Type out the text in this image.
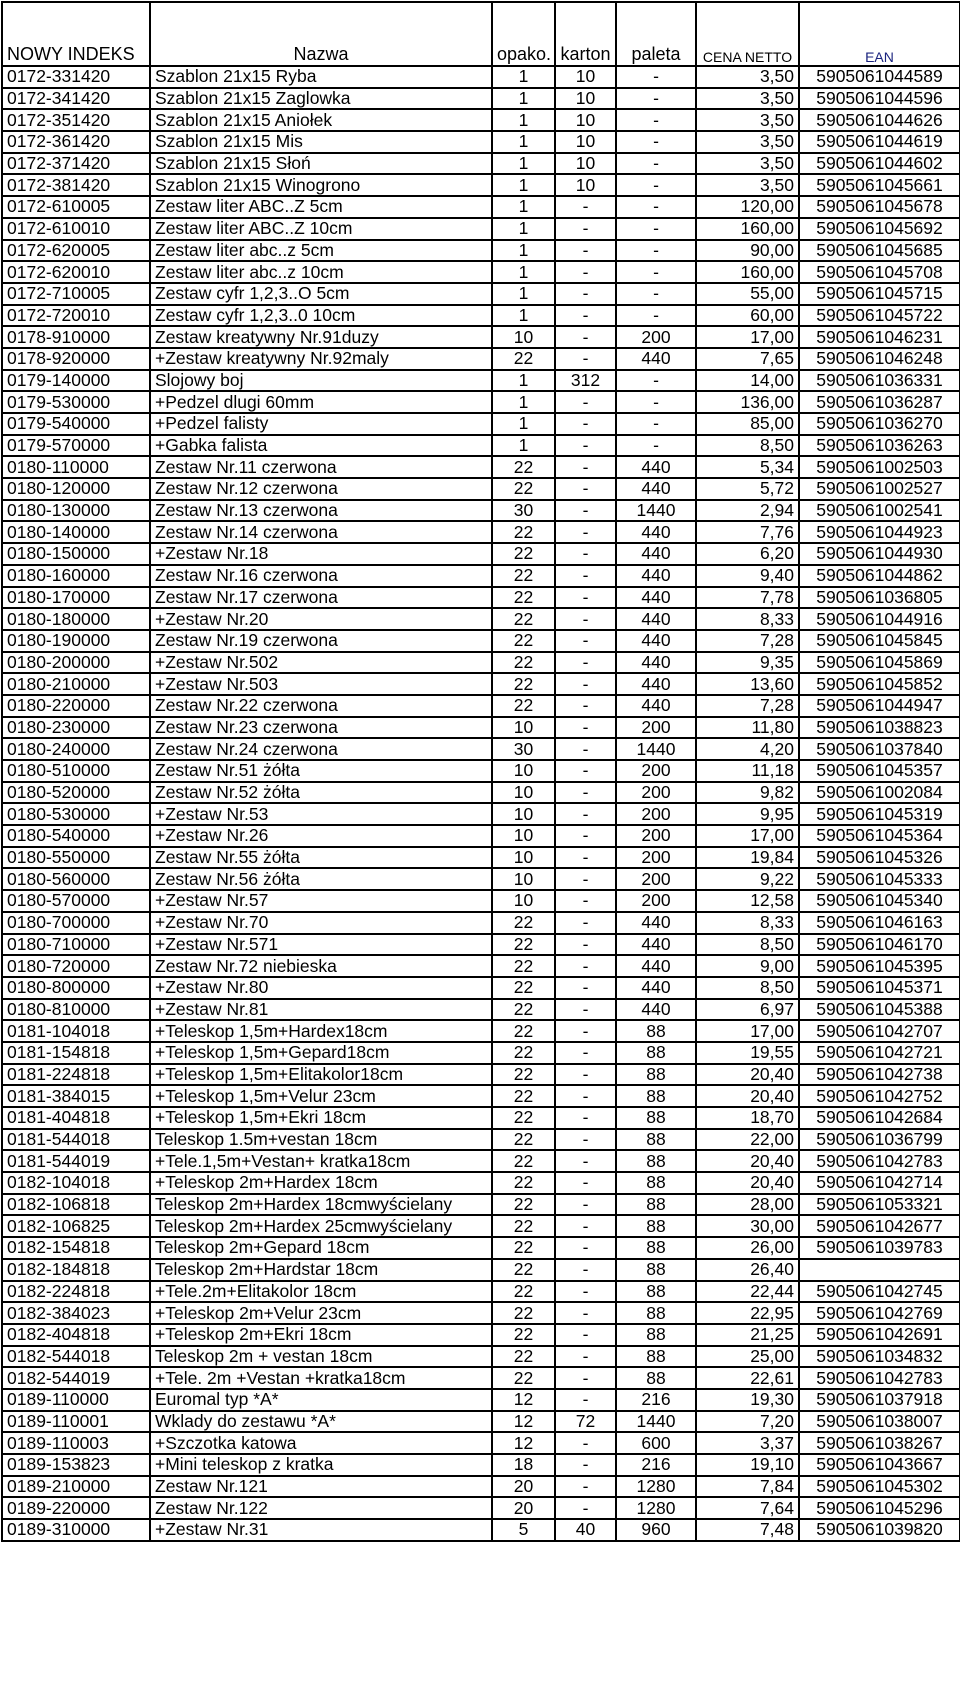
NOWY INDEKS	Nazwa	opako.	karton	paleta	CENA NETTO	EAN
0172-331420	Szablon 21x15 Ryba	1	10	-	3,50	5905061044589
0172-341420	Szablon 21x15 Zaglowka	1	10	-	3,50	5905061044596
0172-351420	Szablon 21x15 Aniołek	1	10	-	3,50	5905061044626
0172-361420	Szablon 21x15 Mis	1	10	-	3,50	5905061044619
0172-371420	Szablon 21x15 Słoń	1	10	-	3,50	5905061044602
0172-381420	Szablon 21x15 Winogrono	1	10	-	3,50	5905061045661
0172-610005	Zestaw liter ABC..Z 5cm	1	-	-	120,00	5905061045678
0172-610010	Zestaw liter ABC..Z 10cm	1	-	-	160,00	5905061045692
0172-620005	Zestaw liter abc..z 5cm	1	-	-	90,00	5905061045685
0172-620010	Zestaw liter abc..z 10cm	1	-	-	160,00	5905061045708
0172-710005	Zestaw cyfr 1,2,3..O 5cm	1	-	-	55,00	5905061045715
0172-720010	Zestaw cyfr 1,2,3..0 10cm	1	-	-	60,00	5905061045722
0178-910000	Zestaw kreatywny Nr.91duzy	10	-	200	17,00	5905061046231
0178-920000	+Zestaw kreatywny Nr.92maly	22	-	440	7,65	5905061046248
0179-140000	Slojowy boj	1	312	-	14,00	5905061036331
0179-530000	+Pedzel dlugi 60mm	1	-	-	136,00	5905061036287
0179-540000	+Pedzel falisty	1	-	-	85,00	5905061036270
0179-570000	+Gabka falista	1	-	-	8,50	5905061036263
0180-110000	Zestaw Nr.11 czerwona	22	-	440	5,34	5905061002503
0180-120000	Zestaw Nr.12 czerwona	22	-	440	5,72	5905061002527
0180-130000	Zestaw Nr.13 czerwona	30	-	1440	2,94	5905061002541
0180-140000	Zestaw Nr.14 czerwona	22	-	440	7,76	5905061044923
0180-150000	+Zestaw Nr.18	22	-	440	6,20	5905061044930
0180-160000	Zestaw Nr.16 czerwona	22	-	440	9,40	5905061044862
0180-170000	Zestaw Nr.17 czerwona	22	-	440	7,78	5905061036805
0180-180000	+Zestaw Nr.20	22	-	440	8,33	5905061044916
0180-190000	Zestaw Nr.19 czerwona	22	-	440	7,28	5905061045845
0180-200000	+Zestaw Nr.502	22	-	440	9,35	5905061045869
0180-210000	+Zestaw Nr.503	22	-	440	13,60	5905061045852
0180-220000	Zestaw Nr.22 czerwona	22	-	440	7,28	5905061044947
0180-230000	Zestaw Nr.23 czerwona	10	-	200	11,80	5905061038823
0180-240000	Zestaw Nr.24 czerwona	30	-	1440	4,20	5905061037840
0180-510000	Zestaw Nr.51 żółta	10	-	200	11,18	5905061045357
0180-520000	Zestaw Nr.52 żółta	10	-	200	9,82	5905061002084
0180-530000	+Zestaw Nr.53	10	-	200	9,95	5905061045319
0180-540000	+Zestaw Nr.26	10	-	200	17,00	5905061045364
0180-550000	Zestaw Nr.55 żółta	10	-	200	19,84	5905061045326
0180-560000	Zestaw Nr.56 żółta	10	-	200	9,22	5905061045333
0180-570000	+Zestaw Nr.57	10	-	200	12,58	5905061045340
0180-700000	+Zestaw Nr.70	22	-	440	8,33	5905061046163
0180-710000	+Zestaw Nr.571	22	-	440	8,50	5905061046170
0180-720000	Zestaw Nr.72 niebieska	22	-	440	9,00	5905061045395
0180-800000	+Zestaw Nr.80	22	-	440	8,50	5905061045371
0180-810000	+Zestaw Nr.81	22	-	440	6,97	5905061045388
0181-104018	+Teleskop 1,5m+Hardex18cm	22	-	88	17,00	5905061042707
0181-154818	+Teleskop 1,5m+Gepard18cm	22	-	88	19,55	5905061042721
0181-224818	+Teleskop 1,5m+Elitakolor18cm	22	-	88	20,40	5905061042738
0181-384015	+Teleskop 1,5m+Velur 23cm	22	-	88	20,40	5905061042752
0181-404818	+Teleskop 1,5m+Ekri 18cm	22	-	88	18,70	5905061042684
0181-544018	Teleskop 1.5m+vestan 18cm	22	-	88	22,00	5905061036799
0181-544019	+Tele.1,5m+Vestan+ kratka18cm	22	-	88	20,40	5905061042783
0182-104018	+Teleskop 2m+Hardex 18cm	22	-	88	20,40	5905061042714
0182-106818	Teleskop 2m+Hardex 18cmwyścielany	22	-	88	28,00	5905061053321
0182-106825	Teleskop 2m+Hardex 25cmwyścielany	22	-	88	30,00	5905061042677
0182-154818	Teleskop 2m+Gepard 18cm	22	-	88	26,00	5905061039783
0182-184818	Teleskop 2m+Hardstar 18cm	22	-	88	26,40	
0182-224818	+Tele.2m+Elitakolor 18cm	22	-	88	22,44	5905061042745
0182-384023	+Teleskop 2m+Velur 23cm	22	-	88	22,95	5905061042769
0182-404818	+Teleskop 2m+Ekri 18cm	22	-	88	21,25	5905061042691
0182-544018	Teleskop 2m + vestan 18cm	22	-	88	25,00	5905061034832
0182-544019	+Tele. 2m +Vestan +kratka18cm	22	-	88	22,61	5905061042783
0189-110000	Euromal typ *A*	12	-	216	19,30	5905061037918
0189-110001	Wklady do zestawu *A*	12	72	1440	7,20	5905061038007
0189-110003	+Szczotka katowa	12	-	600	3,37	5905061038267
0189-153823	+Mini teleskop z kratka	18	-	216	19,10	5905061043667
0189-210000	Zestaw Nr.121	20	-	1280	7,84	5905061045302
0189-220000	Zestaw Nr.122	20	-	1280	7,64	5905061045296
0189-310000	+Zestaw Nr.31	5	40	960	7,48	5905061039820
